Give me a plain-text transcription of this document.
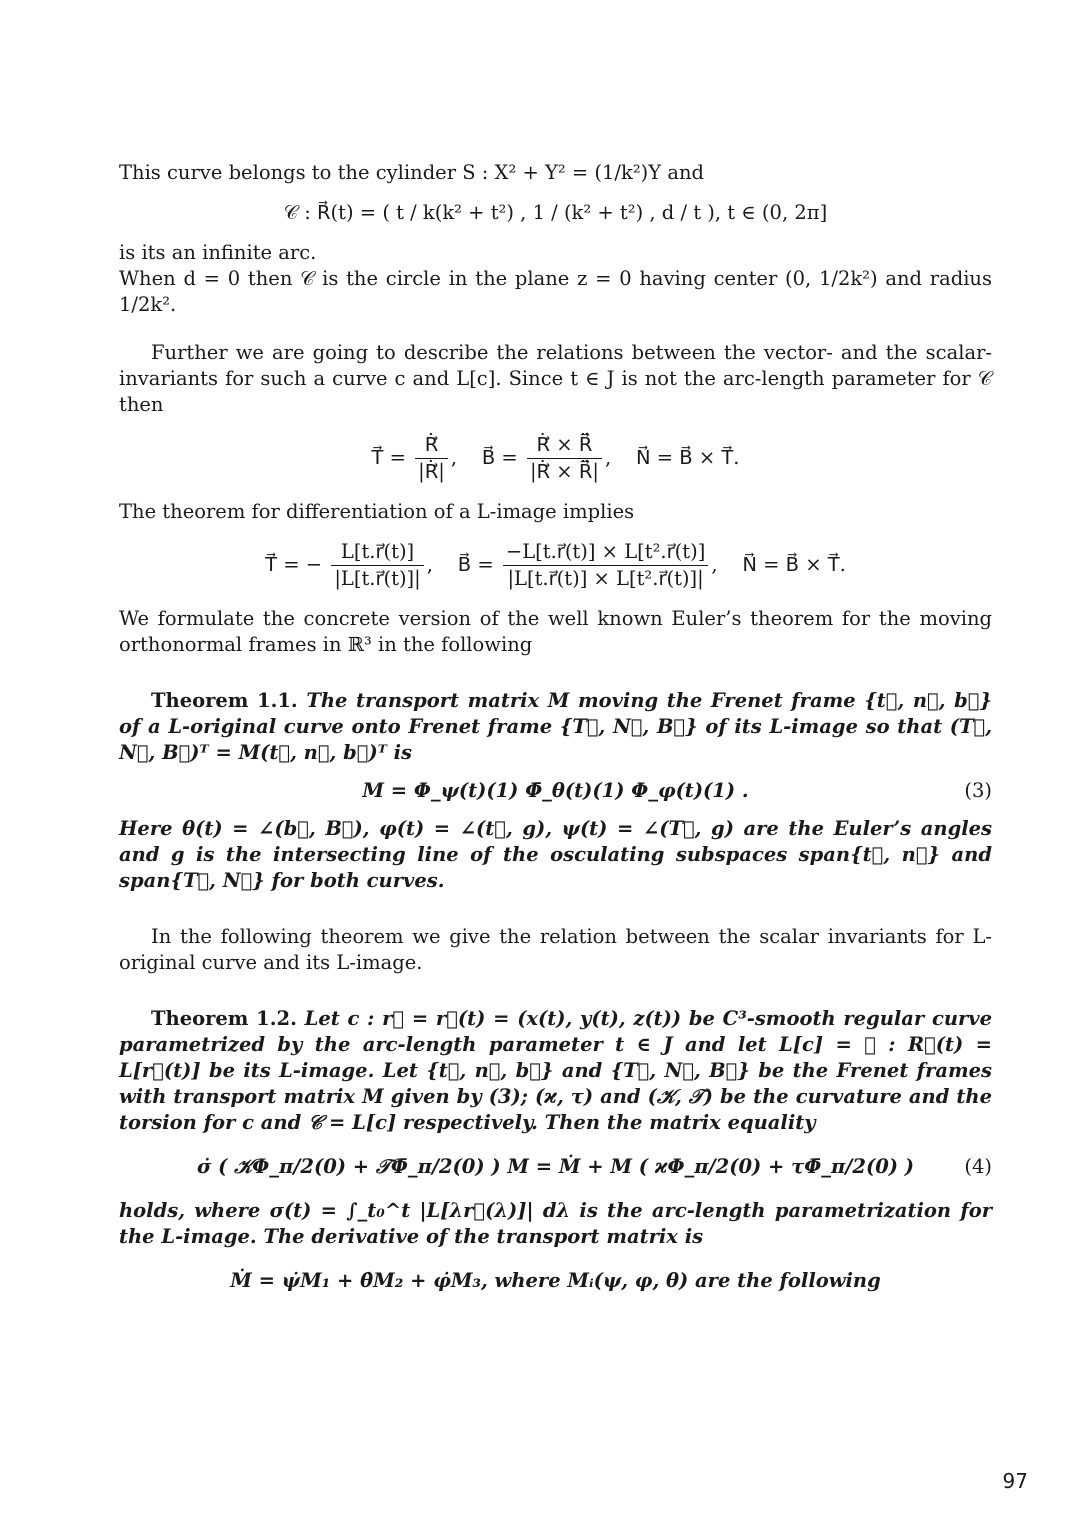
This curve belongs to the cylinder S : X² + Y² = (1/k²)Y and

𝒞 : R⃗(t) = ( t / k(k² + t²) , 1 / (k² + t²) , d / t ), t ∈ (0, 2π]

is its an infinite arc.

When d = 0 then 𝒞 is the circle in the plane z = 0 having center (0, 1/2k²) and radius 1/2k².

Further we are going to describe the relations between the vector- and the scalar- invariants for such a curve c and L[c]. Since t ∈ J is not the arc-length parameter for 𝒞 then

T⃗ = $\frac{\text{Ṙ⃗}}{\text{|Ṙ⃗|}}$ ,    B⃗ = $\frac{\text{Ṙ⃗ × R̈⃗}}{\text{|Ṙ⃗ × R̈⃗|}}$ ,    N⃗ = B⃗ × T⃗.

The theorem for differentiation of a L-image implies

T⃗ = − $\frac{L[t.r⃗(t)]}{|L[t.r⃗(t)]|}$ ,    B⃗ = $\frac{\text{−L[t.r⃗(t)] × L[t².r⃗(t)]}}{\text{|L[t.r⃗(t)] × L[t².r⃗(t)]|}}$ ,    N⃗ = B⃗ × T⃗.

We formulate the concrete version of the well known Euler’s theorem for the moving orthonormal frames in ℝ³ in the following

Theorem 1.1. The transport matrix M moving the Frenet frame {t⃗, n⃗, b⃗} of a L-original curve onto Frenet frame {T⃗, N⃗, B⃗} of its L-image so that (T⃗, N⃗, B⃗)ᵀ = M(t⃗, n⃗, b⃗)ᵀ is

M = Φ_ψ(t)(1) Φ̄_θ(t)(1) Φ_φ(t)(1) .	(3)

Here θ(t) = ∠(b⃗, B⃗), φ(t) = ∠(t⃗, g), ψ(t) = ∠(T⃗, g) are the Euler’s angles and g is the intersecting line of the osculating subspaces span{t⃗, n⃗} and span{T⃗, N⃗} for both curves.

In the following theorem we give the relation between the scalar invariants for L-original curve and its L-image.

Theorem 1.2. Let c : r⃗ = r⃗(t) = (x(t), y(t), z(t)) be C³-smooth regular curve parametrized by the arc-length parameter t ∈ J and let L[c] = 𝒞 : R⃗(t) = L[r⃗(t)] be its L-image. Let {t⃗, n⃗, b⃗} and {T⃗, N⃗, B⃗} be the Frenet frames with transport matrix M given by (3); (ϰ, τ) and (𝒦, 𝒯) be the curvature and the torsion for c and 𝒞 = L[c] respectively. Then the matrix equality

σ̇ ( 𝒦Φ_π/2(0) + 𝒯Φ̄_π/2(0) ) M = Ṁ + M ( ϰΦ_π/2(0) + τΦ̄_π/2(0) )	(4)

holds, where σ(t) = ∫_t₀^t |L[λr⃗(λ)]| dλ is the arc-length parametrization for the L-image. The derivative of the transport matrix is

Ṁ = ψ̇M₁ + θ̇M₂ + φ̇M₃, where Mᵢ(ψ, φ, θ) are the following
97
